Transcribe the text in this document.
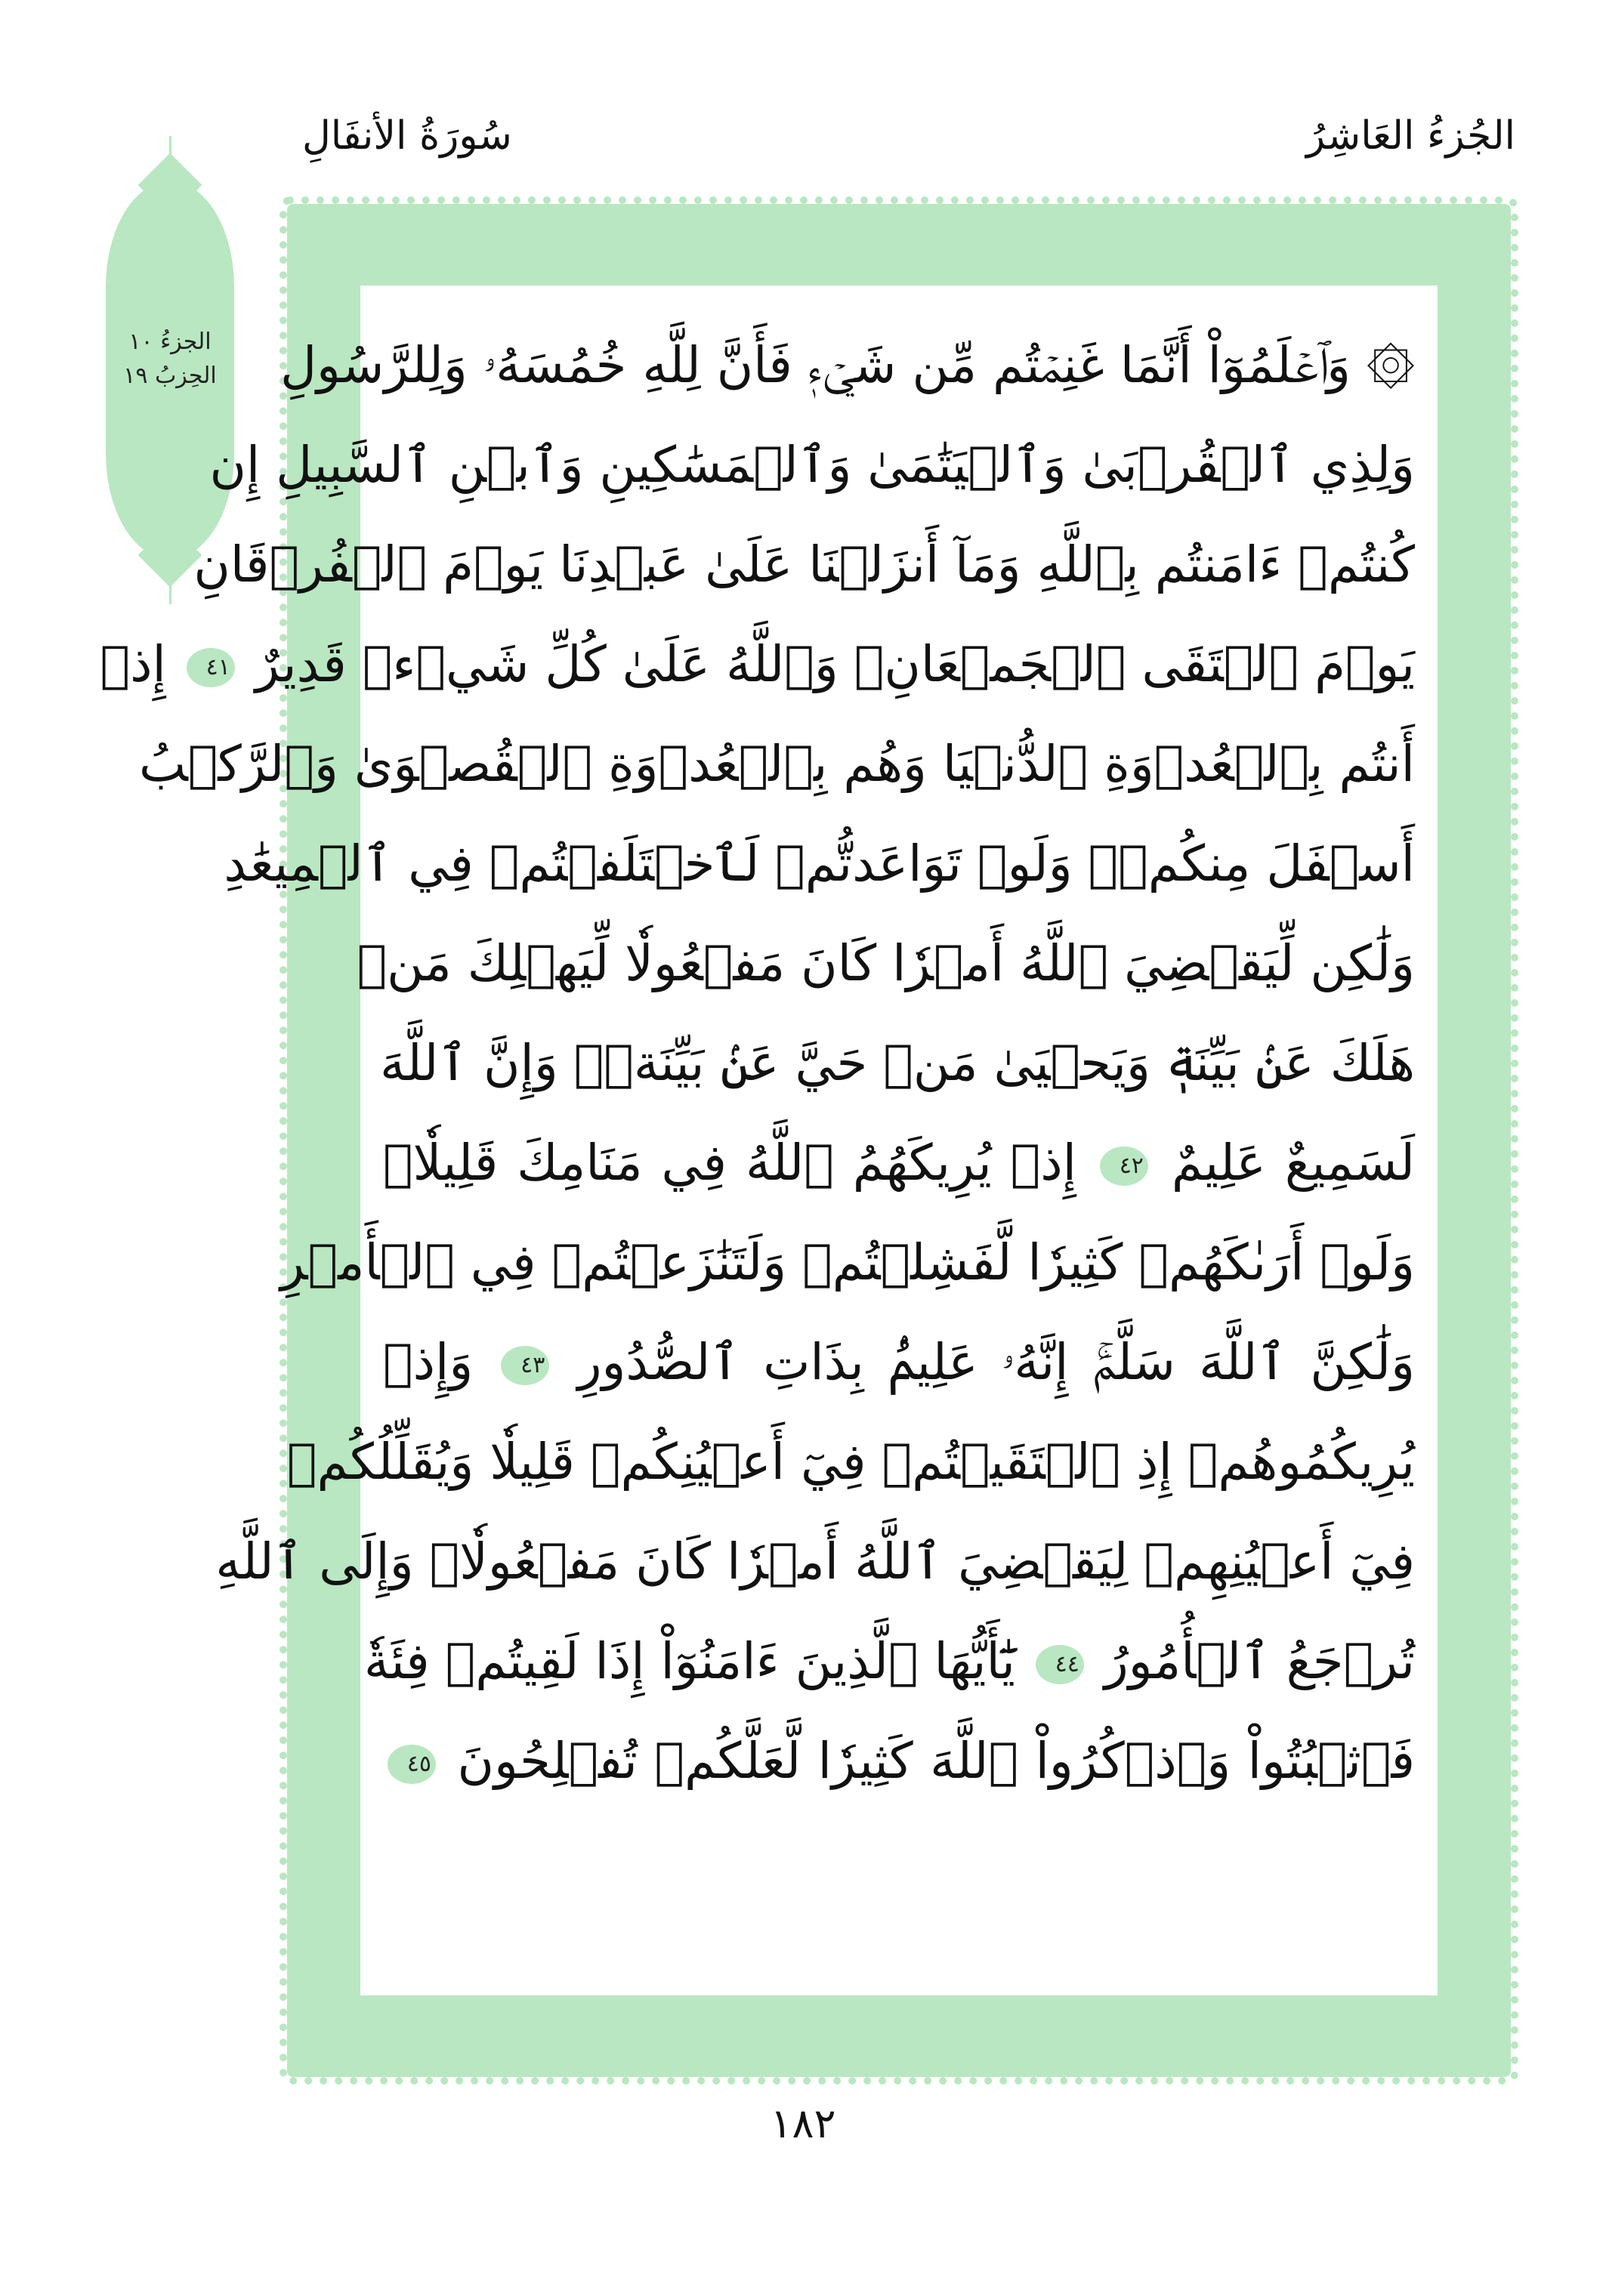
الجُزءُ العَاشِرُ
سُورَةُ الأنفَالِ
الجزءُ ١٠
الحِزبُ ١٩	۞ وَٱعۡلَمُوٓاْ أَنَّمَا غَنِمۡتُم مِّن شَيۡءٖ فَأَنَّ لِلَّهِ خُمُسَهُۥ وَلِلرَّسُولِ
وَلِذِي ٱلۡقُرۡبَىٰ وَٱلۡيَتَٰمَىٰ وَٱلۡمَسَٰكِينِ وَٱبۡنِ ٱلسَّبِيلِ إِن
كُنتُمۡ ءَامَنتُم بِٱللَّهِ وَمَآ أَنزَلۡنَا عَلَىٰ عَبۡدِنَا يَوۡمَ ٱلۡفُرۡقَانِ
يَوۡمَ ٱلۡتَقَى ٱلۡجَمۡعَانِۗ وَٱللَّهُ عَلَىٰ كُلِّ شَيۡءٖ قَدِيرٌ ٤١ إِذۡ
أَنتُم بِٱلۡعُدۡوَةِ ٱلدُّنۡيَا وَهُم بِٱلۡعُدۡوَةِ ٱلۡقُصۡوَىٰ وَٱلرَّكۡبُ
أَسۡفَلَ مِنكُمۡۚ وَلَوۡ تَوَاعَدتُّمۡ لَٱخۡتَلَفۡتُمۡ فِي ٱلۡمِيعَٰدِ
وَلَٰكِن لِّيَقۡضِيَ ٱللَّهُ أَمۡرٗا كَانَ مَفۡعُولٗا لِّيَهۡلِكَ مَنۡ
هَلَكَ عَنۢ بَيِّنَةٖ وَيَحۡيَىٰ مَنۡ حَيَّ عَنۢ بَيِّنَةٖۗ وَإِنَّ ٱللَّهَ
لَسَمِيعٌ عَلِيمٌ ٤٢ إِذۡ يُرِيكَهُمُ ٱللَّهُ فِي مَنَامِكَ قَلِيلٗاۖ
وَلَوۡ أَرَىٰكَهُمۡ كَثِيرٗا لَّفَشِلۡتُمۡ وَلَتَنَٰزَعۡتُمۡ فِي ٱلۡأَمۡرِ
وَلَٰكِنَّ ٱللَّهَ سَلَّمَۚ إِنَّهُۥ عَلِيمُۢ بِذَاتِ ٱلصُّدُورِ ٤٣ وَإِذۡ
يُرِيكُمُوهُمۡ إِذِ ٱلۡتَقَيۡتُمۡ فِيٓ أَعۡيُنِكُمۡ قَلِيلٗا وَيُقَلِّلُكُمۡ
فِيٓ أَعۡيُنِهِمۡ لِيَقۡضِيَ ٱللَّهُ أَمۡرٗا كَانَ مَفۡعُولٗاۗ وَإِلَى ٱللَّهِ
تُرۡجَعُ ٱلۡأُمُورُ ٤٤ يَٰٓأَيُّهَا ٱلَّذِينَ ءَامَنُوٓاْ إِذَا لَقِيتُمۡ فِئَةٗ
فَٱثۡبُتُواْ وَٱذۡكُرُواْ ٱللَّهَ كَثِيرٗا لَّعَلَّكُمۡ تُفۡلِحُونَ ٤٥
١٨٢
